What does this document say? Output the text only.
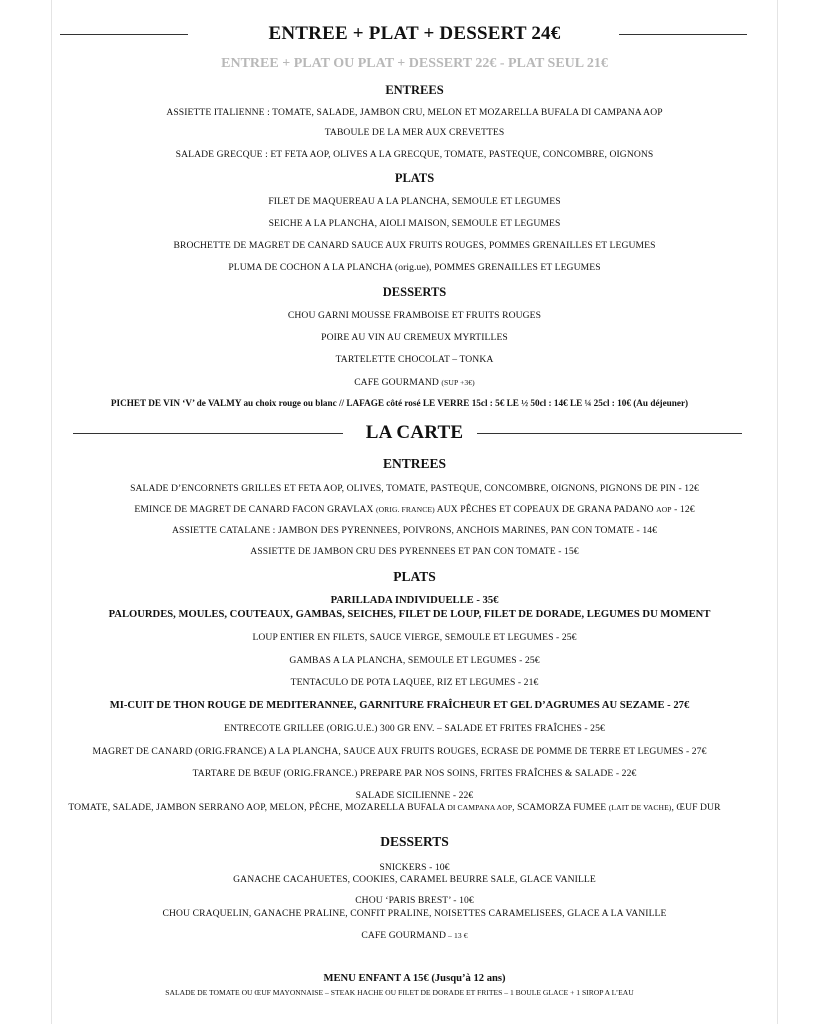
ENTREE + PLAT + DESSERT 24€
ENTREE + PLAT OU PLAT + DESSERT 22€ - PLAT SEUL 21€
ENTREES
ASSIETTE ITALIENNE : TOMATE, SALADE, JAMBON CRU, MELON ET MOZARELLA BUFALA DI CAMPANA AOP
TABOULE DE LA MER AUX CREVETTES
SALADE GRECQUE : ET FETA AOP, OLIVES A LA GRECQUE, TOMATE, PASTEQUE, CONCOMBRE, OIGNONS
PLATS
FILET DE MAQUEREAU A LA PLANCHA, SEMOULE ET LEGUMES
SEICHE A LA PLANCHA, AIOLI MAISON, SEMOULE ET LEGUMES
BROCHETTE DE MAGRET DE CANARD SAUCE AUX FRUITS ROUGES, POMMES GRENAILLES ET LEGUMES
PLUMA DE COCHON A LA PLANCHA (orig.ue), POMMES GRENAILLES ET LEGUMES
DESSERTS
CHOU GARNI MOUSSE FRAMBOISE ET FRUITS ROUGES
POIRE AU VIN AU CREMEUX MYRTILLES
TARTELETTE CHOCOLAT – TONKA
CAFE GOURMAND (SUP +3€)
PICHET DE VIN ‘V’ de VALMY au choix rouge ou blanc // LAFAGE côté rosé LE VERRE 15cl : 5€ LE ½ 50cl : 14€ LE ¼ 25cl : 10€ (Au déjeuner)
LA CARTE
ENTREES
SALADE D’ENCORNETS GRILLES ET FETA AOP, OLIVES, TOMATE, PASTEQUE, CONCOMBRE, OIGNONS, PIGNONS DE PIN - 12€
EMINCE DE MAGRET DE CANARD FACON GRAVLAX (ORIG. FRANCE) AUX PÊCHES ET COPEAUX DE GRANA PADANO AOP - 12€
ASSIETTE CATALANE : JAMBON DES PYRENNEES, POIVRONS, ANCHOIS MARINES, PAN CON TOMATE - 14€
ASSIETTE DE JAMBON CRU DES PYRENNEES ET PAN CON TOMATE - 15€
PLATS
PARILLADA INDIVIDUELLE - 35€
PALOURDES, MOULES, COUTEAUX, GAMBAS, SEICHES, FILET DE LOUP, FILET DE DORADE, LEGUMES DU MOMENT
LOUP ENTIER EN FILETS, SAUCE VIERGE, SEMOULE ET LEGUMES - 25€
GAMBAS A LA PLANCHA, SEMOULE ET LEGUMES - 25€
TENTACULO DE POTA LAQUEE, RIZ ET LEGUMES - 21€
MI-CUIT DE THON ROUGE DE MEDITERANNEE, GARNITURE FRAÎCHEUR ET GEL D’AGRUMES AU SEZAME - 27€
ENTRECOTE GRILLEE (ORIG.U.E.) 300 GR ENV. – SALADE ET FRITES FRAÎCHES - 25€
MAGRET DE CANARD (ORIG.FRANCE) A LA PLANCHA, SAUCE AUX FRUITS ROUGES, ECRASE DE POMME DE TERRE ET LEGUMES - 27€
TARTARE DE BŒUF (ORIG.FRANCE.) PREPARE PAR NOS SOINS, FRITES FRAÎCHES & SALADE - 22€
SALADE SICILIENNE - 22€
TOMATE, SALADE, JAMBON SERRANO AOP, MELON, PÊCHE, MOZARELLA BUFALA DI CAMPANA AOP, SCAMORZA FUMEE (LAIT DE VACHE), ŒUF DUR
DESSERTS
SNICKERS - 10€
GANACHE CACAHUETES, COOKIES, CARAMEL BEURRE SALE, GLACE VANILLE
CHOU ‘PARIS BREST’ - 10€
CHOU CRAQUELIN, GANACHE PRALINE, CONFIT PRALINE, NOISETTES CARAMELISEES, GLACE A LA VANILLE
CAFE GOURMAND – 13 €
MENU ENFANT A 15€ (Jusqu’à 12 ans)
SALADE DE TOMATE OU ŒUF MAYONNAISE – STEAK HACHE OU FILET DE DORADE ET FRITES – 1 BOULE GLACE + 1 SIROP A L’EAU
